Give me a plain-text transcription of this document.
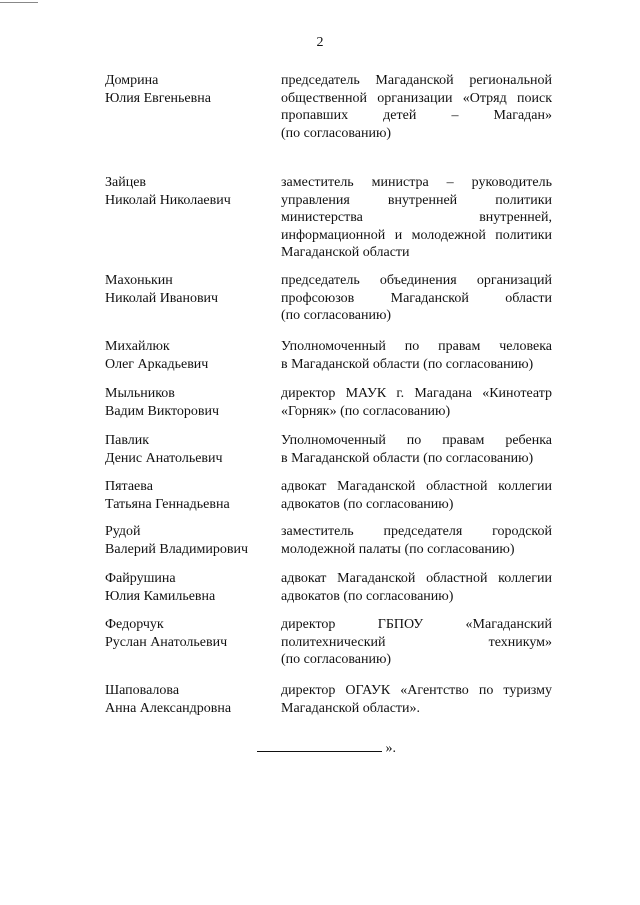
2
Домрина
Юлия Евгеньевна
председатель Магаданской региональной
общественной организации «Отряд поиск
пропавших детей – Магадан»
(по согласованию)
Зайцев
Николай Николаевич
заместитель министра – руководитель
управления внутренней политики
министерства внутренней,
информационной и молодежной политики
Магаданской области
Махонькин
Николай Иванович
председатель объединения организаций
профсоюзов Магаданской области
(по согласованию)
Михайлюк
Олег Аркадьевич
Уполномоченный по правам человека
в Магаданской области (по согласованию)
Мыльников
Вадим Викторович
директор МАУК г. Магадана «Кинотеатр
«Горняк» (по согласованию)
Павлик
Денис Анатольевич
Уполномоченный по правам ребенка
в Магаданской области (по согласованию)
Пятаева
Татьяна Геннадьевна
адвокат Магаданской областной коллегии
адвокатов (по согласованию)
Рудой
Валерий Владимирович
заместитель председателя городской
молодежной палаты (по согласованию)
Файрушина
Юлия Камильевна
адвокат Магаданской областной коллегии
адвокатов (по согласованию)
Федорчук
Руслан Анатольевич
директор ГБПОУ «Магаданский
политехнический техникум»
(по согласованию)
Шаповалова
Анна Александровна
директор ОГАУК «Агентство по туризму
Магаданской области».
».
